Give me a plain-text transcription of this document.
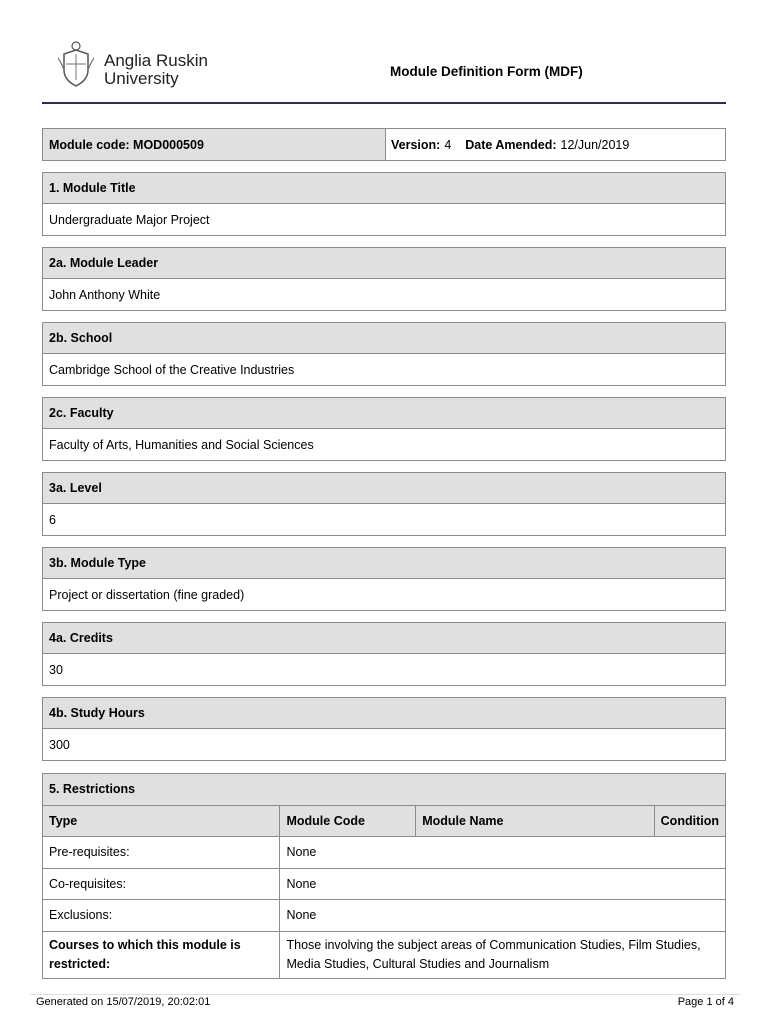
Anglia Ruskin
University	Module Definition Form (MDF)
Module code: MOD000509	Version: 4 Date Amended: 12/Jun/2019
1. Module Title
Undergraduate Major Project
2a. Module Leader
John Anthony White
2b. School
Cambridge School of the Creative Industries
2c. Faculty
Faculty of Arts, Humanities and Social Sciences
3a. Level
6
3b. Module Type
Project or dissertation (fine graded)
4a. Credits
30
4b. Study Hours
300
5. Restrictions			
Type	Module Code	Module Name	Condition
Pre-requisites:	None		
Co-requisites:	None		
Exclusions:	None		
Courses to which this module is restricted:	Those involving the subject areas of Communication Studies, Film Studies, Media Studies, Cultural Studies and Journalism		
Generated on 15/07/2019, 20:02:01	Page 1 of 4
